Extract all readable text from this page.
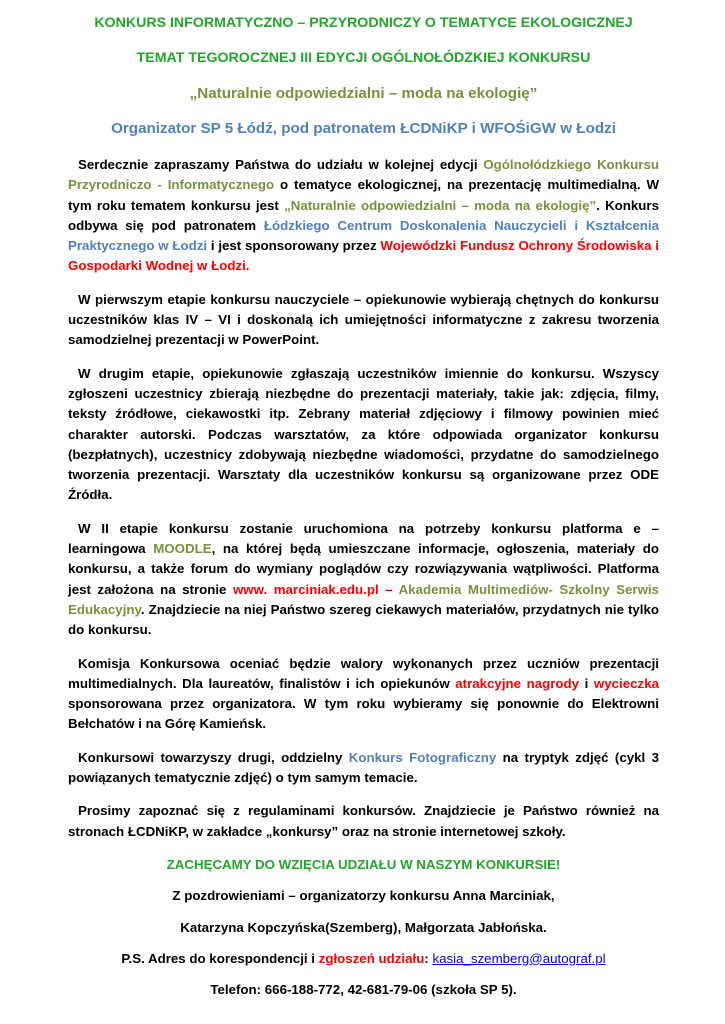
KONKURS INFORMATYCZNO – PRZYRODNICZY O TEMATYCE EKOLOGICZNEJ

TEMAT TEGOROCZNEJ III EDYCJI OGÓLNOŁÓDZKIEJ KONKURSU

„Naturalnie odpowiedzialni – moda na ekologię”

Organizator SP 5 Łódź, pod patronatem ŁCDNiKP i WFOŚiGW w Łodzi

Serdecznie zapraszamy Państwa do udziału w kolejnej edycji Ogólnołódzkiego Konkursu Przyrodniczo - Informatycznego o tematyce ekologicznej, na prezentację multimedialną. W tym roku tematem konkursu jest „Naturalnie odpowiedzialni – moda na ekologię”. Konkurs odbywa się pod patronatem Łódzkiego Centrum Doskonalenia Nauczycieli i Kształcenia Praktycznego w Łodzi i jest sponsorowany przez Wojewódzki Fundusz Ochrony Środowiska i Gospodarki Wodnej w Łodzi.

W pierwszym etapie konkursu nauczyciele – opiekunowie wybierają chętnych do konkursu uczestników klas IV – VI i doskonalą ich umiejętności informatyczne z zakresu tworzenia samodzielnej prezentacji w PowerPoint.

W drugim etapie, opiekunowie zgłaszają uczestników imiennie do konkursu. Wszyscy zgłoszeni uczestnicy zbierają niezbędne do prezentacji materiały, takie jak: zdjęcia, filmy, teksty źródłowe, ciekawostki itp. Zebrany materiał zdjęciowy i filmowy powinien mieć charakter autorski. Podczas warsztatów, za które odpowiada organizator konkursu (bezpłatnych), uczestnicy zdobywają niezbędne wiadomości, przydatne do samodzielnego tworzenia prezentacji. Warsztaty dla uczestników konkursu są organizowane przez ODE Źródła.

W II etapie konkursu zostanie uruchomiona na potrzeby konkursu platforma e – learningowa MOODLE, na której będą umieszczane informacje, ogłoszenia, materiały do konkursu, a także forum do wymiany poglądów czy rozwiązywania wątpliwości. Platforma jest założona na stronie www. marciniak.edu.pl – Akademia Multimediów- Szkolny Serwis Edukacyjny. Znajdziecie na niej Państwo szereg ciekawych materiałów, przydatnych nie tylko do konkursu.

Komisja Konkursowa oceniać będzie walory wykonanych przez uczniów prezentacji multimedialnych. Dla laureatów, finalistów i ich opiekunów atrakcyjne nagrody i wycieczka sponsorowana przez organizatora. W tym roku wybieramy się ponownie do Elektrowni Bełchatów i na Górę Kamieńsk.

Konkursowi towarzyszy drugi, oddzielny Konkurs Fotograficzny na tryptyk zdjęć (cykl 3 powiązanych tematycznie zdjęć) o tym samym temacie.

Prosimy zapoznać się z regulaminami konkursów. Znajdziecie je Państwo również na stronach ŁCDNiKP, w zakładce „konkursy” oraz na stronie internetowej szkoły.

ZACHĘCAMY DO WZIĘCIA UDZIAŁU W NASZYM KONKURSIE!

Z pozdrowieniami – organizatorzy konkursu Anna Marciniak,

Katarzyna Kopczyńska(Szemberg), Małgorzata Jabłońska.

P.S. Adres do korespondencji i zgłoszeń udziału: kasia_szemberg@autograf.pl

Telefon: 666-188-772, 42-681-79-06 (szkoła SP 5).
